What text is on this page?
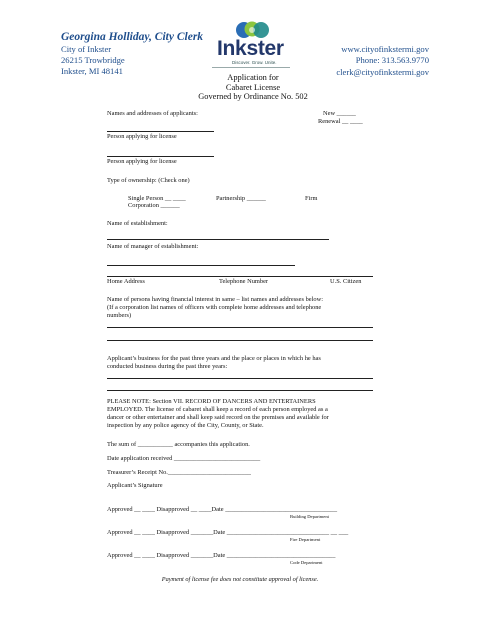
Georgina Holliday, City Clerk
City of Inkster
26215 Trowbridge
Inkster, MI 48141
Inkster
Discover. Grow. Unite.
www.cityofinkstermi.gov
Phone: 313.563.9770
clerk@cityofinkstermi.gov
Application for
Cabaret License
Governed by Ordinance No. 502
Names and addresses of applicants:	New ______
Renewal __ ____
Person applying for license
Person applying for license
Type of ownership: (Check one)
Single Person __ ____	Partnership ______	Firm
Corporation ______
Name of establishment:
Name of manager of establishment:
Home Address	Telephone Number	U.S. Citizen
Name of persons having financial interest in same – list names and addresses below:
(If a corporation list names of officers with complete home addresses and telephone
numbers)
Applicant’s business for the past three years and the place or places in which he has
conducted business during the past three years:
PLEASE NOTE: Section VII. RECORD OF DANCERS AND ENTERTAINERS
EMPLOYED. The license of cabaret shall keep a record of each person employed as a
dancer or other entertainer and shall keep said record on the premises and available for
inspection by any police agency of the City, County, or State.
The sum of ___________ accompanies this application.
Date application received ___________________________
Treasurer’s Receipt No.__________________________
Applicant’s Signature
Approved __ ____ Disapproved __ ____Date ___________________________________
Building Department
Approved __ ____ Disapproved _______Date ________________________________ __ ___
Fire Department
Approved __ ____ Disapproved _______Date __________________________________
Code Department
Payment of license fee does not constitute approval of license.
